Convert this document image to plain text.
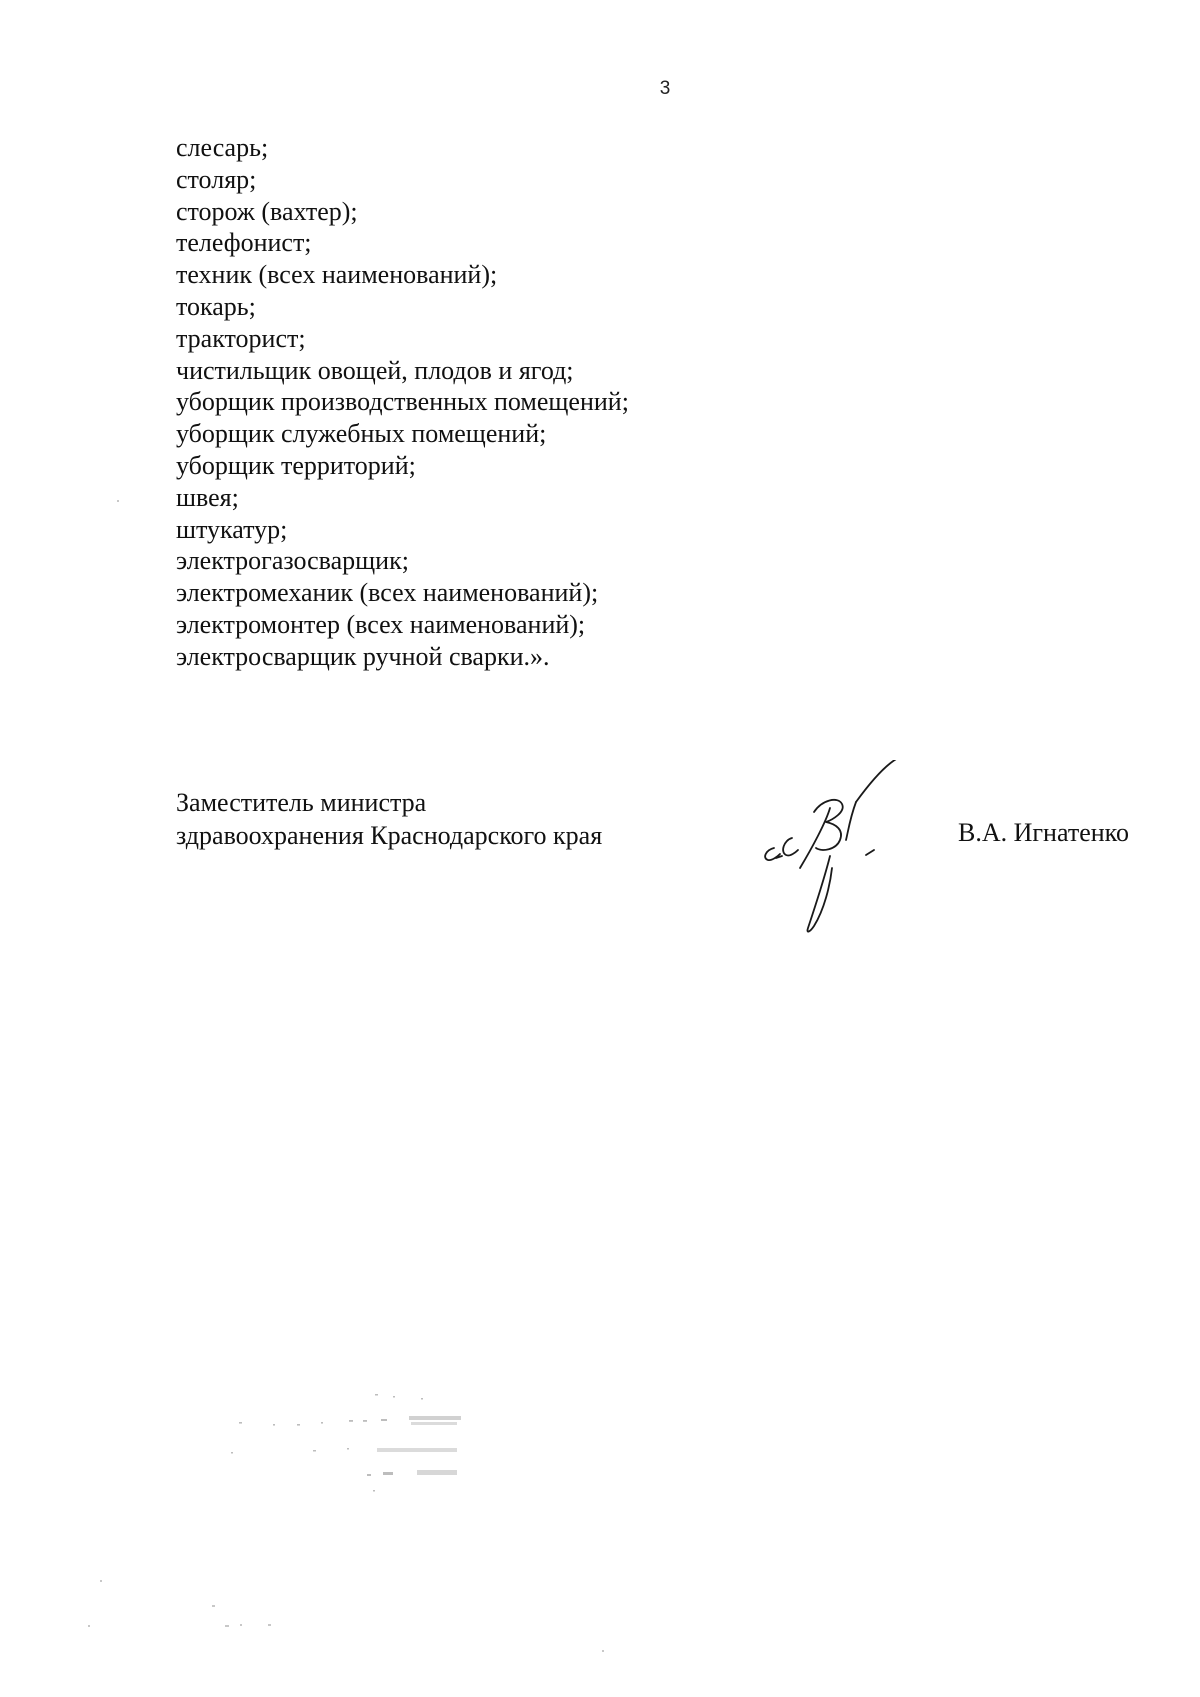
3
слесарь;
столяр;
сторож (вахтер);
телефонист;
техник (всех наименований);
токарь;
тракторист;
чистильщик овощей, плодов и ягод;
уборщик производственных помещений;
уборщик служебных помещений;
уборщик территорий;
швея;
штукатур;
электрогазосварщик;
электромеханик (всех наименований);
электромонтер (всех наименований);
электросварщик ручной сварки.».
Заместитель министра
здравоохранения Краснодарского края	В.А. Игнатенко
